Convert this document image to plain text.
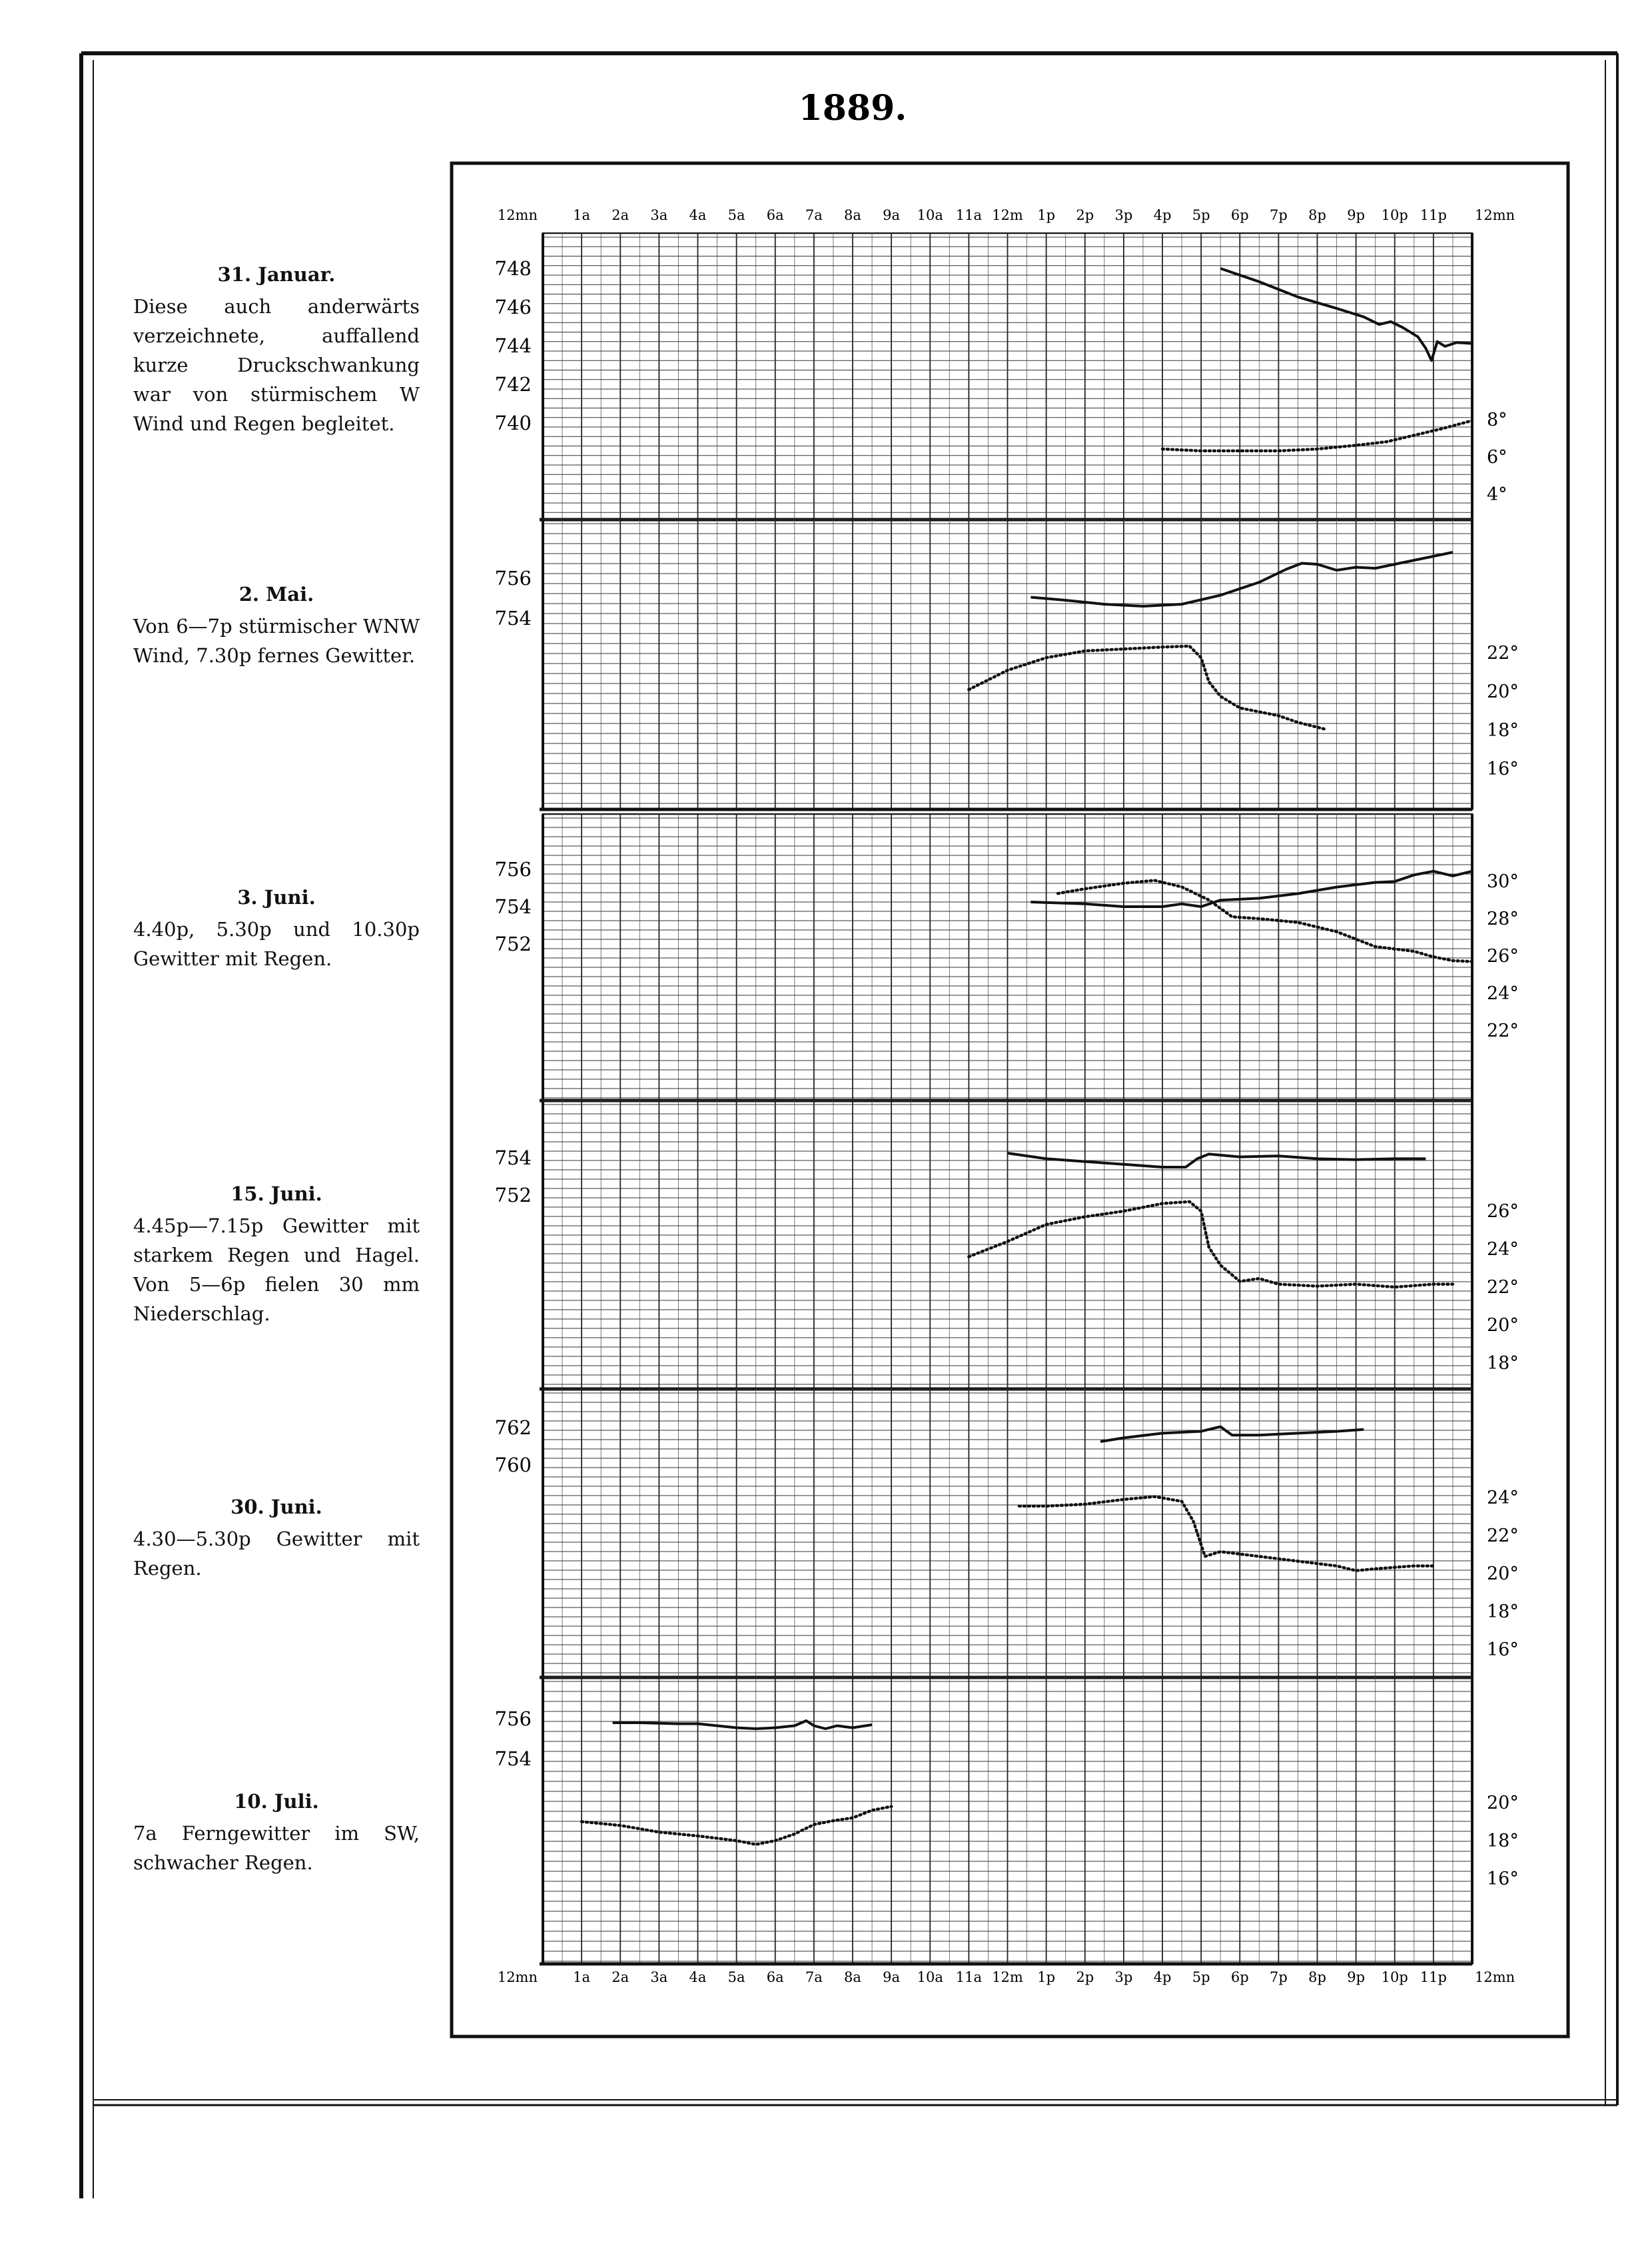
1889.
12mn	1a 2a 3a 4a 5a 6a 7a 8a 9a 10a 11a 12m 1p 2p 3p 4p 5p 6p 7p 8p 9p 10p 11p 12mn
12mn	1a 2a 3a 4a 5a 6a 7a 8a 9a 10a 11a 12m 1p 2p 3p 4p 5p 6p 7p 8p 9p 10p 11p 12mn
748
746
744
742
740	8°
6°
4°
756
754
22°
20°
18°
16°
756
754
752
30°
28°
26°
24°
22°
754
752
26°
24°
22°
20°
18°
762
760
24°
22°
20°
18°
16°
756
754
20°
18°
16°
31. Januar.
Diese auch anderwärts verzeichnete, auffallend kurze Druckschwankung war von stürmischem W Wind und Regen begleitet.
2. Mai.
Von 6—7p stürmischer WNW Wind, 7.30p fernes Gewitter.
3. Juni.
4.40p, 5.30p und 10.30p Gewitter mit Regen.
15. Juni.
4.45p—7.15p Gewitter mit starkem Regen und Hagel. Von 5—6p fielen 30 mm Niederschlag.
30. Juni.
4.30—5.30p Gewitter mit Regen.
10. Juli.
7a Ferngewitter im SW, schwacher Regen.
